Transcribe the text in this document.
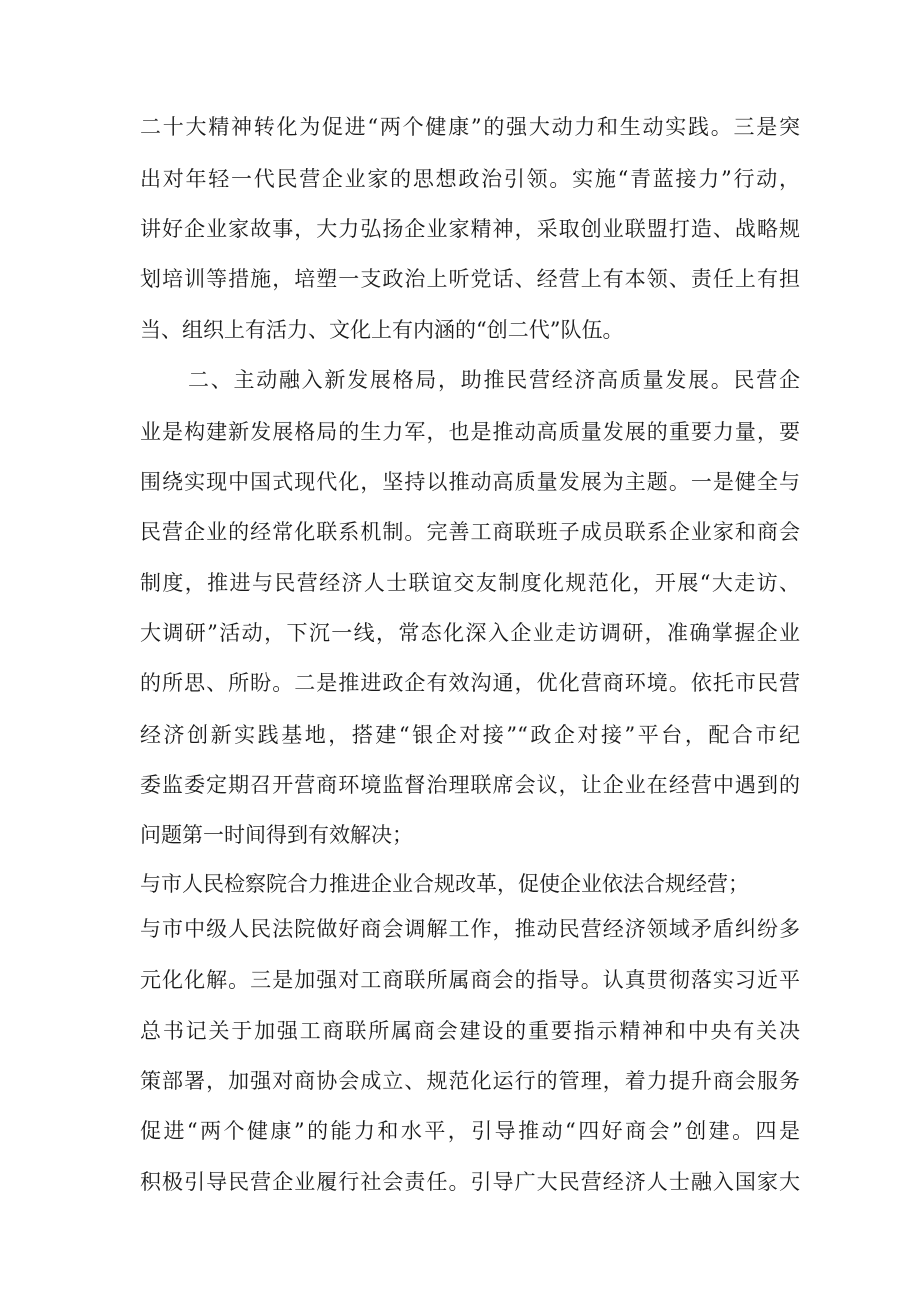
二十大精神转化为促进“两个健康”的强大动力和生动实践。三是突
出对年轻一代民营企业家的思想政治引领。实施“青蓝接力”行动，
讲好企业家故事，大力弘扬企业家精神，采取创业联盟打造、战略规
划培训等措施，培塑一支政治上听党话、经营上有本领、责任上有担
当、组织上有活力、文化上有内涵的“创二代”队伍。
二、主动融入新发展格局，助推民营经济高质量发展。民营企
业是构建新发展格局的生力军，也是推动高质量发展的重要力量，要
围绕实现中国式现代化，坚持以推动高质量发展为主题。一是健全与
民营企业的经常化联系机制。完善工商联班子成员联系企业家和商会
制度，推进与民营经济人士联谊交友制度化规范化，开展“大走访、
大调研”活动，下沉一线，常态化深入企业走访调研，准确掌握企业
的所思、所盼。二是推进政企有效沟通，优化营商环境。依托市民营
经济创新实践基地，搭建“银企对接”“政企对接”平台，配合市纪
委监委定期召开营商环境监督治理联席会议，让企业在经营中遇到的
问题第一时间得到有效解决；
与市人民检察院合力推进企业合规改革，促使企业依法合规经营；
与市中级人民法院做好商会调解工作，推动民营经济领域矛盾纠纷多
元化化解。三是加强对工商联所属商会的指导。认真贯彻落实习近平
总书记关于加强工商联所属商会建设的重要指示精神和中央有关决
策部署，加强对商协会成立、规范化运行的管理，着力提升商会服务
促进“两个健康”的能力和水平，引导推动“四好商会”创建。四是
积极引导民营企业履行社会责任。引导广大民营经济人士融入国家大
